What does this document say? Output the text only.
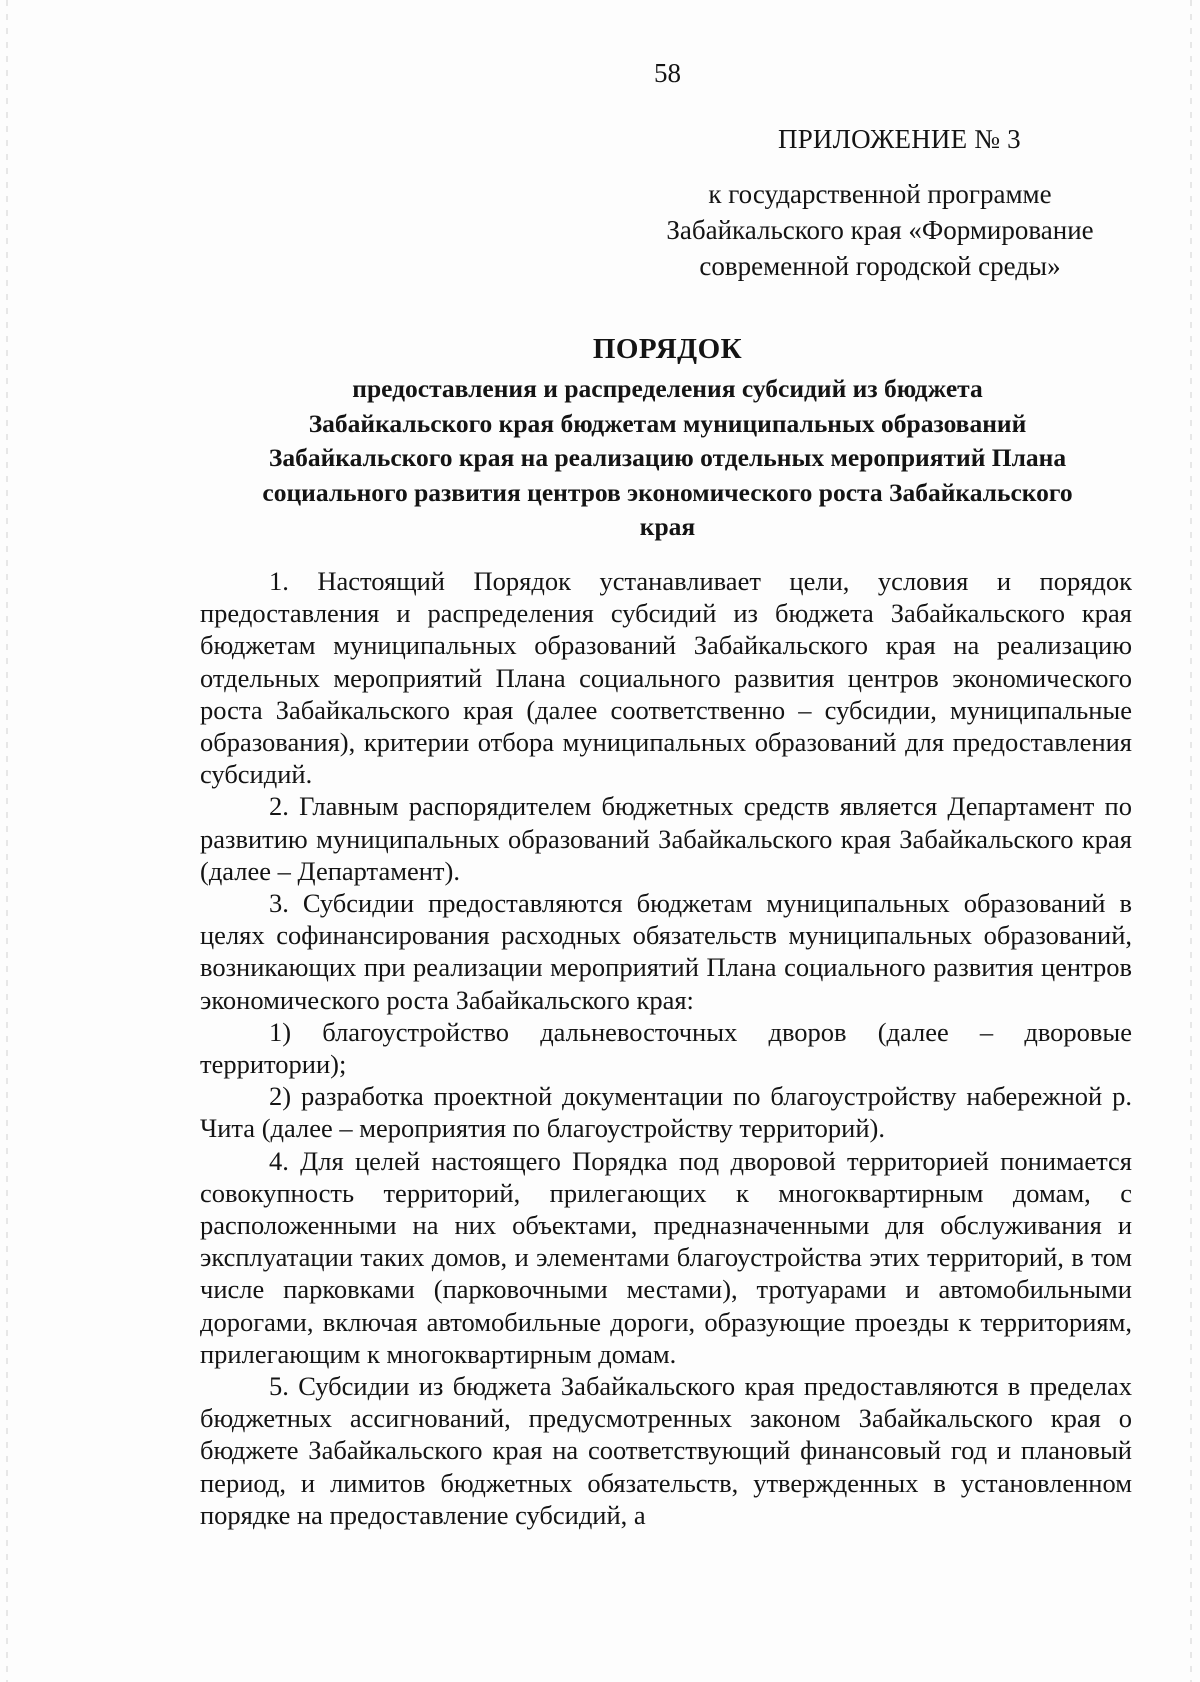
58
ПРИЛОЖЕНИЕ № 3
к государственной программе Забайкальского края «Формирование современной городской среды»
ПОРЯДОК
предоставления и распределения субсидий из бюджета Забайкальского края бюджетам муниципальных образований Забайкальского края на реализацию отдельных мероприятий Плана социального развития центров экономического роста Забайкальского края

1. Настоящий Порядок устанавливает цели, условия и порядок предоставления и распределения субсидий из бюджета Забайкальского края бюджетам муниципальных образований Забайкальского края на реализацию отдельных мероприятий Плана социального развития центров экономического роста Забайкальского края (далее соответственно – субсидии, муниципальные образования), критерии отбора муниципальных образований для предоставления субсидий.

2. Главным распорядителем бюджетных средств является Департамент по развитию муниципальных образований Забайкальского края Забайкальского края (далее – Департамент).

3. Субсидии предоставляются бюджетам муниципальных образований в целях софинансирования расходных обязательств муниципальных образований, возникающих при реализации мероприятий Плана социального развития центров экономического роста Забайкальского края:

1) благоустройство дальневосточных дворов (далее – дворовые территории);

2) разработка проектной документации по благоустройству набережной р. Чита (далее – мероприятия по благоустройству территорий).

4. Для целей настоящего Порядка под дворовой территорией понимается совокупность территорий, прилегающих к многоквартирным домам, с расположенными на них объектами, предназначенными для обслуживания и эксплуатации таких домов, и элементами благоустройства этих территорий, в том числе парковками (парковочными местами), тротуарами и автомобильными дорогами, включая автомобильные дороги, образующие проезды к территориям, прилегающим к многоквартирным домам.

5. Субсидии из бюджета Забайкальского края предоставляются в пределах бюджетных ассигнований, предусмотренных законом Забайкальского края о бюджете Забайкальского края на соответствующий финансовый год и плановый период, и лимитов бюджетных обязательств, утвержденных в установленном порядке на предоставление субсидий, а
